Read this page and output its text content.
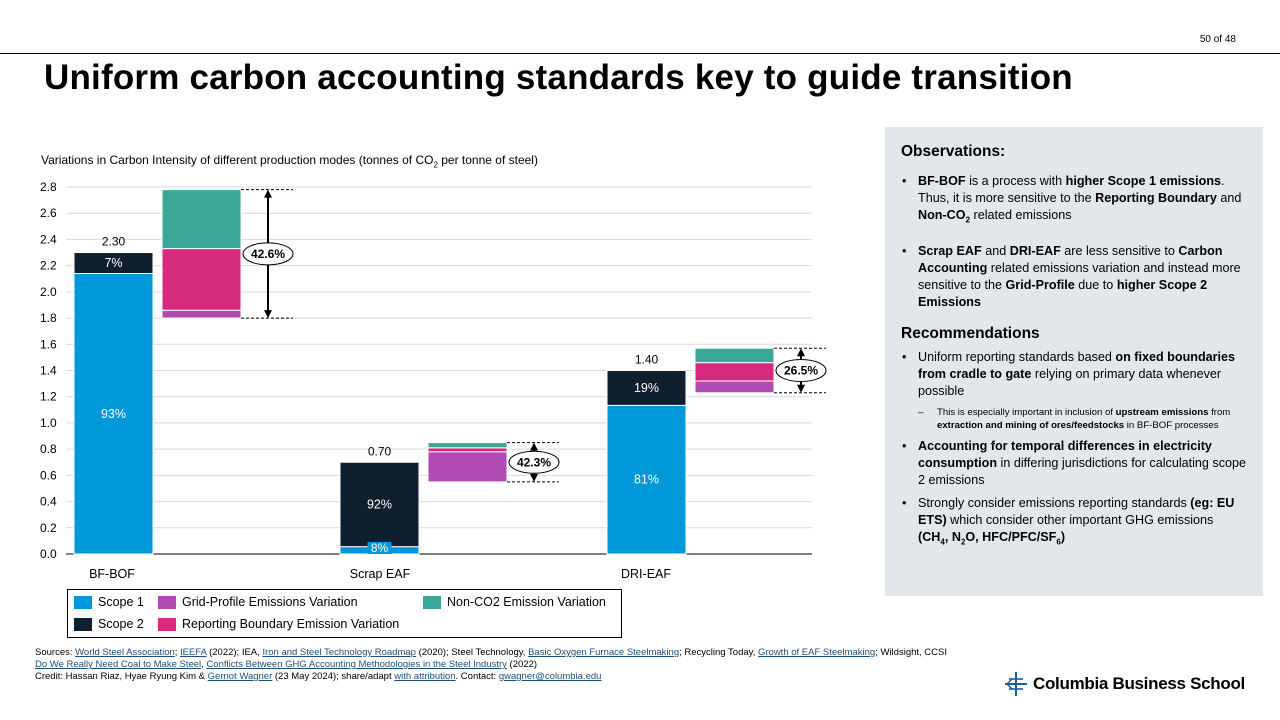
50 of 48
Uniform carbon accounting standards key to guide transition
Variations in Carbon Intensity of different production modes (tonnes of $CO_2$ per tonne of steel)
0.0
0.2
0.4
0.6
0.8
1.0
1.2
1.4
1.6
1.8
2.0
2.2
2.4
2.6
2.8
BF-BOF
93%
7%
2.30
42.6%
Scrap EAF
8%
92%
0.70
42.3%
DRI-EAF
81%
19%
1.40
26.5%
Scope 1	Grid-Profile Emissions Variation	Non-CO2 Emission Variation
Scope 2	Reporting Boundary Emission Variation
Observations:
• BF-BOF is a process with higher Scope 1 emissions. Thus, it is more sensitive to the Reporting Boundary and Non-$CO_2$ related emissions
• Scrap EAF and DRI-EAF are less sensitive to Carbon Accounting related emissions variation and instead more sensitive to the Grid-Profile due to higher Scope 2 Emissions
Recommendations
• Uniform reporting standards based on fixed boundaries from cradle to gate relying on primary data whenever possible
– This is especially important in inclusion of upstream emissions from extraction and mining of ores/feedstocks in BF-BOF processes
• Accounting for temporal differences in electricity consumption in differing jurisdictions for calculating scope 2 emissions
• Strongly consider emissions reporting standards (eg: EU ETS) which consider other important GHG emissions ($CH_4$, $N_2O$, HFC/$PFC/SF_6$)
Sources: World Steel Association; IEEFA (2022); IEA, Iron and Steel Technology Roadmap (2020); Steel Technology, Basic Oxygen Furnace Steelmaking; Recycling Today, Growth of EAF Steelmaking; Wildsight, CCSI Do We Really Need Coal to Make Steel, Conflicts Between GHG Accounting Methodologies in the Steel Industry (2022)
Credit: Hassan Riaz, Hyae Ryung Kim & Gernot Wagner (23 May 2024); share/adapt with attribution. Contact: gwagner@columbia.edu	Columbia Business School
